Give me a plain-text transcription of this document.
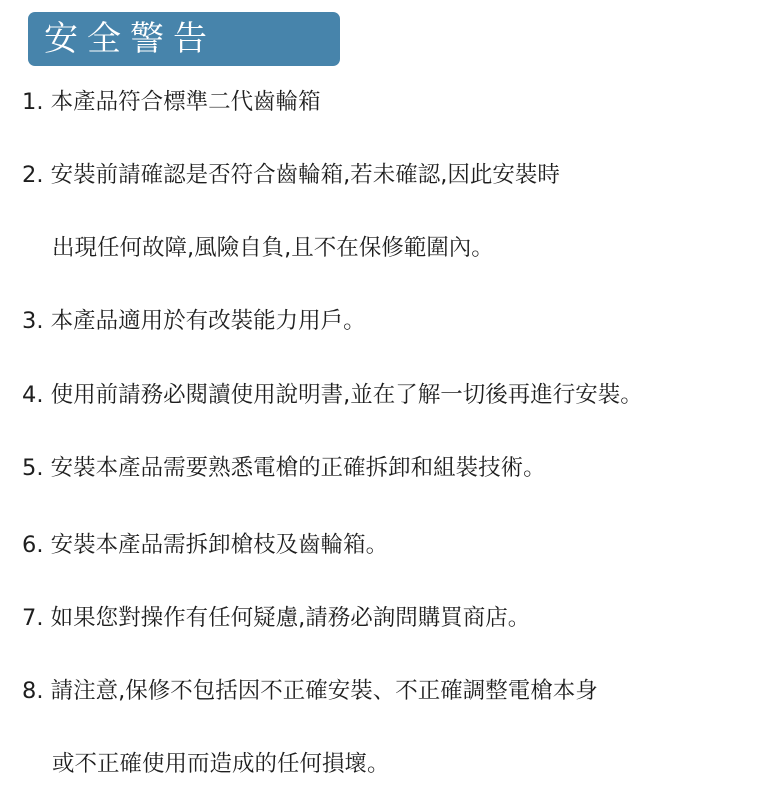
安全警告
1. 本產品符合標準二代齒輪箱
2. 安裝前請確認是否符合齒輪箱,若未確認,因此安裝時
出現任何故障,風險自負,且不在保修範圍內。
3. 本產品適用於有改裝能力用戶。
4. 使用前請務必閱讀使用說明書,並在了解一切後再進行安裝。
5. 安裝本產品需要熟悉電槍的正確拆卸和組裝技術。
6. 安裝本產品需拆卸槍枝及齒輪箱。
7. 如果您對操作有任何疑慮,請務必詢問購買商店。
8. 請注意,保修不包括因不正確安裝、不正確調整電槍本身
或不正確使用而造成的任何損壞。
